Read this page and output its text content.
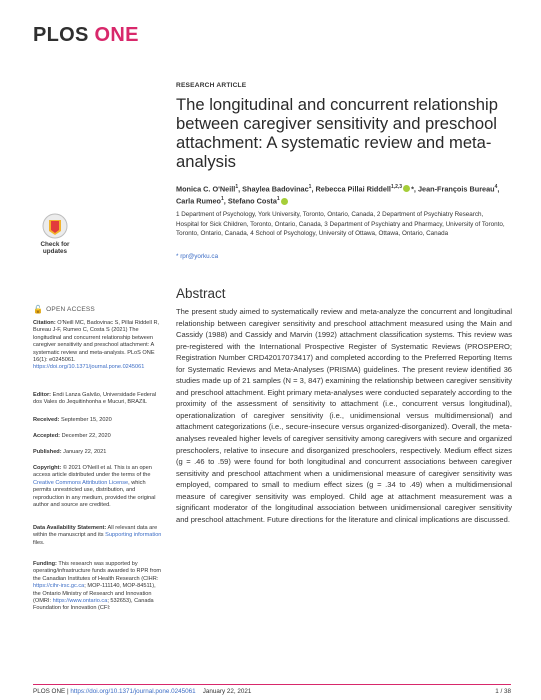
PLOS ONE
RESEARCH ARTICLE
The longitudinal and concurrent relationship between caregiver sensitivity and preschool attachment: A systematic review and meta-analysis
Monica C. O'Neill$^1$, Shaylea Badovinac$^1$, Rebecca Pillai Riddell$^{1,2,3}$ *, Jean-François Bureau$^4$, Carla Rumeo$^1$, Stefano Costa$^1$
1 Department of Psychology, York University, Toronto, Ontario, Canada, 2 Department of Psychiatry Research, Hospital for Sick Children, Toronto, Ontario, Canada, 3 Department of Psychiatry and Pharmacy, University of Toronto, Toronto, Ontario, Canada, 4 School of Psychology, University of Ottawa, Ottawa, Ontario, Canada
* rpr@yorku.ca
Abstract
The present study aimed to systematically review and meta-analyze the concurrent and longitudinal relationship between caregiver sensitivity and preschool attachment measured using the Main and Cassidy (1988) and Cassidy and Marvin (1992) attachment classification systems. This review was pre-registered with the International Prospective Register of Systematic Reviews (PROSPERO; Registration Number CRD42017073417) and completed according to the Preferred Reporting Items for Systematic Reviews and Meta-Analyses (PRISMA) guidelines. The present review identified 36 studies made up of 21 samples (N = 3, 847) examining the relationship between caregiver sensitivity and preschool attachment. Eight primary meta-analyses were conducted separately according to the proximity of the assessment of sensitivity to attachment (i.e., concurrent versus longitudinal), operationalization of caregiver sensitivity (i.e., unidimensional versus multidimensional) and attachment categorizations (i.e., secure-insecure versus organized-disorganized). Overall, the meta-analyses revealed higher levels of caregiver sensitivity among caregivers with secure and organized preschoolers, relative to insecure and disorganized preschoolers, respectively. Medium effect sizes (g = .46 to .59) were found for both longitudinal and concurrent associations between caregiver sensitivity and preschool attachment when a unidimensional measure of caregiver sensitivity was employed, compared to small to medium effect sizes (g = .34 to .49) when a multidimensional measure of caregiver sensitivity was employed. Child age at attachment measurement was a significant moderator of the longitudinal association between unidimensional caregiver sensitivity and preschool attachment. Future directions for the literature and clinical implications are discussed.
Check for updates
🔓 OPEN ACCESS
Citation: O'Neill MC, Badovinac S, Pillai Riddell R, Bureau J-F, Rumeo C, Costa S (2021) The longitudinal and concurrent relationship between caregiver sensitivity and preschool attachment: A systematic review and meta-analysis. PLoS ONE 16(1): e0245061. https://doi.org/10.1371/journal.pone.0245061
Editor: Endi Lanza Galvão, Universidade Federal dos Vales do Jequitinhonha e Mucuri, BRAZIL
Received: September 15, 2020
Accepted: December 22, 2020
Published: January 22, 2021
Copyright: © 2021 O'Neill et al. This is an open access article distributed under the terms of the Creative Commons Attribution License, which permits unrestricted use, distribution, and reproduction in any medium, provided the original author and source are credited.
Data Availability Statement: All relevant data are within the manuscript and its Supporting information files.
Funding: This research was supported by operating/infrastructure funds awarded to RPR from the Canadian Institutes of Health Research (CIHR: https://cihr-irsc.gc.ca; MOP-111140, MOP-84511), the Ontario Ministry of Research and Innovation (OMRI: https://www.ontario.ca; 532653), Canada Foundation for Innovation (CFI:
PLOS ONE | https://doi.org/10.1371/journal.pone.0245061 January 22, 2021	1 / 38
